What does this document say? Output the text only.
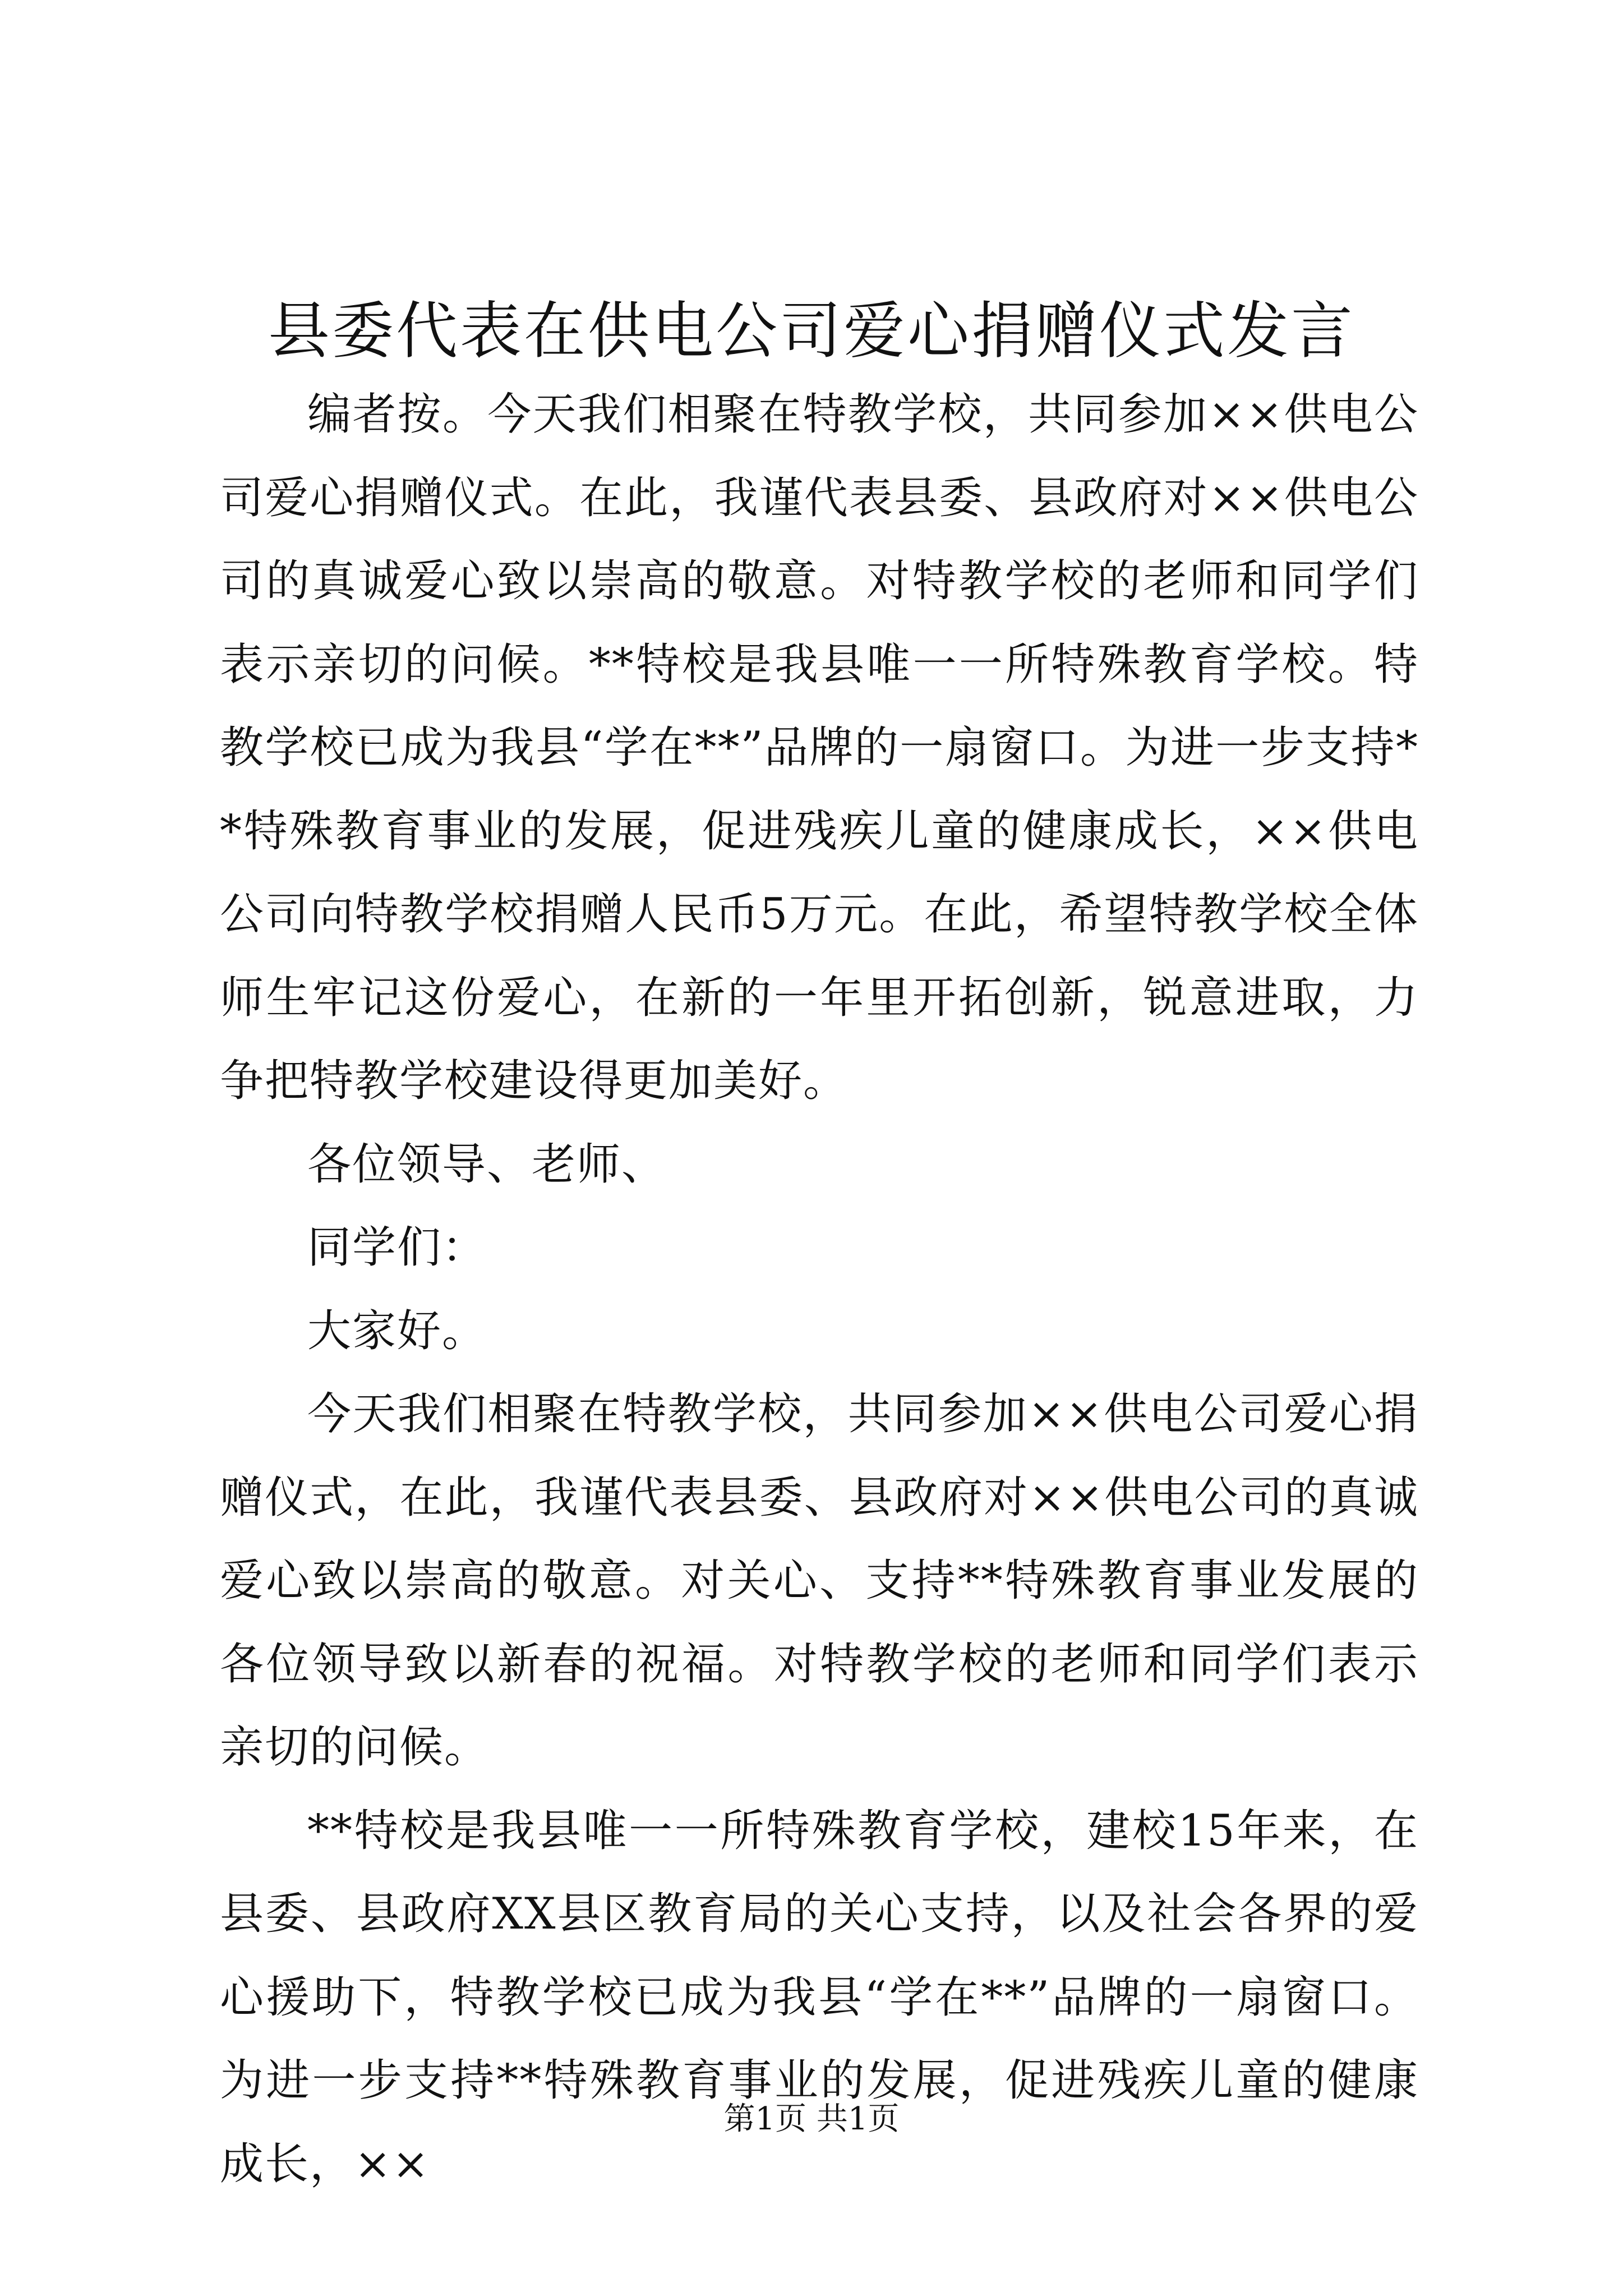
县委代表在供电公司爱心捐赠仪式发言

编者按。今天我们相聚在特教学校，共同参加××供电公司爱心捐赠仪式。在此，我谨代表县委、县政府对××供电公司的真诚爱心致以崇高的敬意。对特教学校的老师和同学们表示亲切的问候。**特校是我县唯一一所特殊教育学校。特教学校已成为我县“学在**”品牌的一扇窗口。为进一步支持**特殊教育事业的发展，促进残疾儿童的健康成长，××供电公司向特教学校捐赠人民币5万元。在此，希望特教学校全体师生牢记这份爱心，在新的一年里开拓创新，锐意进取，力争把特教学校建设得更加美好。

各位领导、老师、

同学们：

大家好。

今天我们相聚在特教学校，共同参加××供电公司爱心捐赠仪式，在此，我谨代表县委、县政府对××供电公司的真诚爱心致以崇高的敬意。对关心、支持**特殊教育事业发展的各位领导致以新春的祝福。对特教学校的老师和同学们表示亲切的问候。

**特校是我县唯一一所特殊教育学校，建校15年来，在县委、县政府XX县区教育局的关心支持，以及社会各界的爱心援助下，特教学校已成为我县“学在**”品牌的一扇窗口。为进一步支持**特殊教育事业的发展，促进残疾儿童的健康成长，××

第1页 共1页
